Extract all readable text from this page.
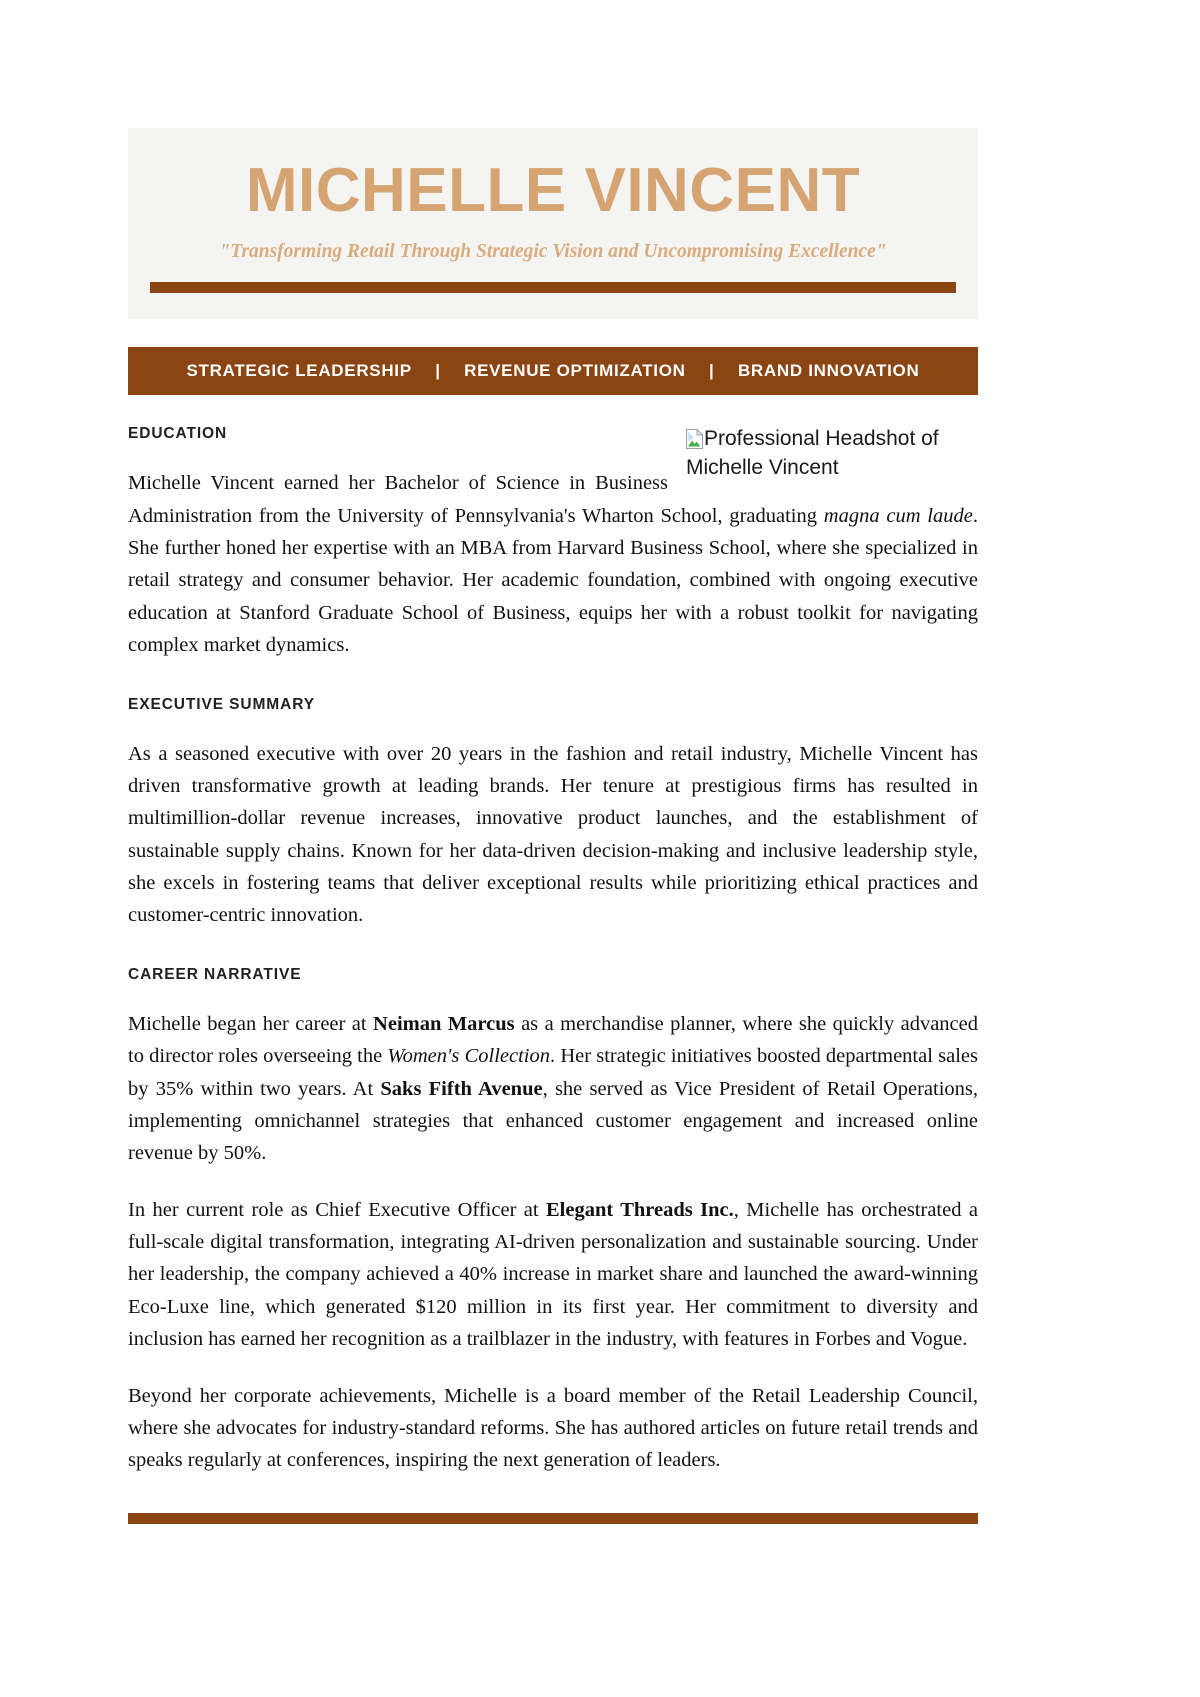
MICHELLE VINCENT
"Transforming Retail Through Strategic Vision and Uncompromising Excellence"
STRATEGIC LEADERSHIP | REVENUE OPTIMIZATION | BRAND INNOVATION
Professional Headshot of Michelle Vincent
EDUCATION

Michelle Vincent earned her Bachelor of Science in Business Administration from the University of Pennsylvania's Wharton School, graduating magna cum laude. She further honed her expertise with an MBA from Harvard Business School, where she specialized in retail strategy and consumer behavior. Her academic foundation, combined with ongoing executive education at Stanford Graduate School of Business, equips her with a robust toolkit for navigating complex market dynamics.

EXECUTIVE SUMMARY

As a seasoned executive with over 20 years in the fashion and retail industry, Michelle Vincent has driven transformative growth at leading brands. Her tenure at prestigious firms has resulted in multimillion-dollar revenue increases, innovative product launches, and the establishment of sustainable supply chains. Known for her data-driven decision-making and inclusive leadership style, she excels in fostering teams that deliver exceptional results while prioritizing ethical practices and customer-centric innovation.

CAREER NARRATIVE

Michelle began her career at Neiman Marcus as a merchandise planner, where she quickly advanced to director roles overseeing the Women's Collection. Her strategic initiatives boosted departmental sales by 35% within two years. At Saks Fifth Avenue, she served as Vice President of Retail Operations, implementing omnichannel strategies that enhanced customer engagement and increased online revenue by 50%.

In her current role as Chief Executive Officer at Elegant Threads Inc., Michelle has orchestrated a full-scale digital transformation, integrating AI-driven personalization and sustainable sourcing. Under her leadership, the company achieved a 40% increase in market share and launched the award-winning Eco-Luxe line, which generated $120 million in its first year. Her commitment to diversity and inclusion has earned her recognition as a trailblazer in the industry, with features in Forbes and Vogue.

Beyond her corporate achievements, Michelle is a board member of the Retail Leadership Council, where she advocates for industry-standard reforms. She has authored articles on future retail trends and speaks regularly at conferences, inspiring the next generation of leaders.
